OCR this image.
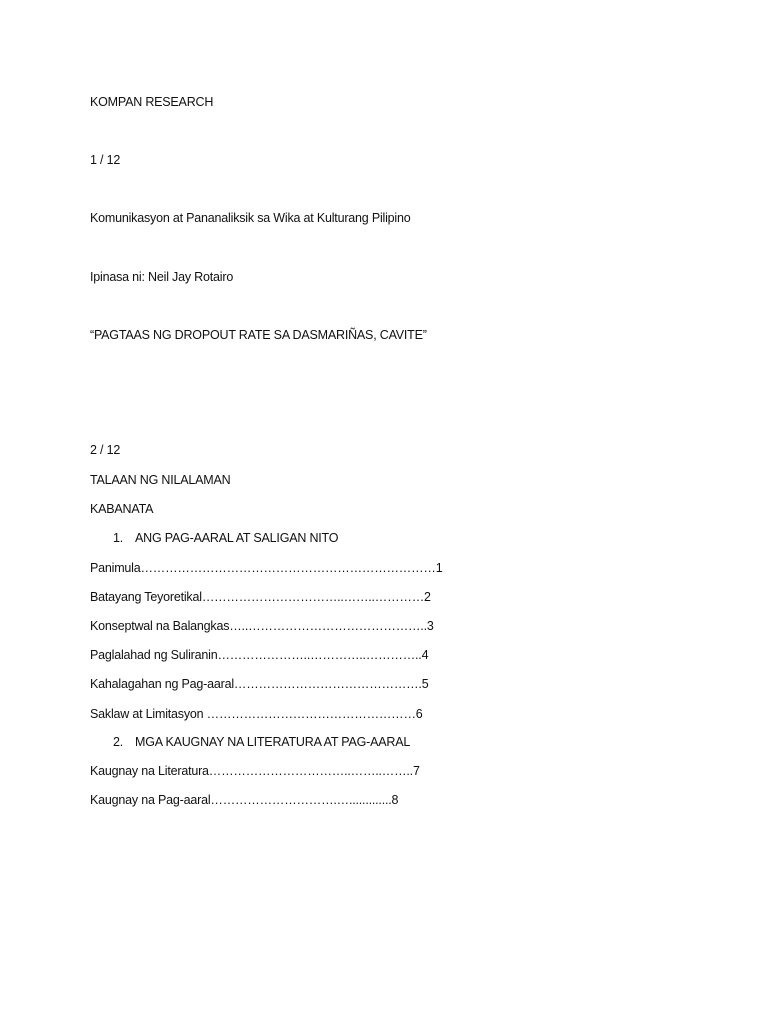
KOMPAN RESEARCH
1 / 12
Komunikasyon at Pananaliksik sa Wika at Kulturang Pilipino
Ipinasa ni: Neil Jay Rotairo
“PAGTAAS NG DROPOUT RATE SA DASMARIÑAS, CAVITE”
2 / 12
TALAAN NG NILALAMAN
KABANATA
1. ANG PAG-AARAL AT SALIGAN NITO
Panimula………………………………………………………………1
Batayang Teyoretikal……………………………..……..…………2
Konseptwal na Balangkas…..……………………………………..3
Paglalahad ng Suliranin…………………..…………..…………..4
Kahalagahan ng Pag-aaral……………………………………….5
Saklaw at Limitasyon ……………………………………………6
2. MGA KAUGNAY NA LITERATURA AT PAG-AARAL
Kaugnay na Literatura……………………………..……..……..7
Kaugnay na Pag-aaral………………………….….............8
